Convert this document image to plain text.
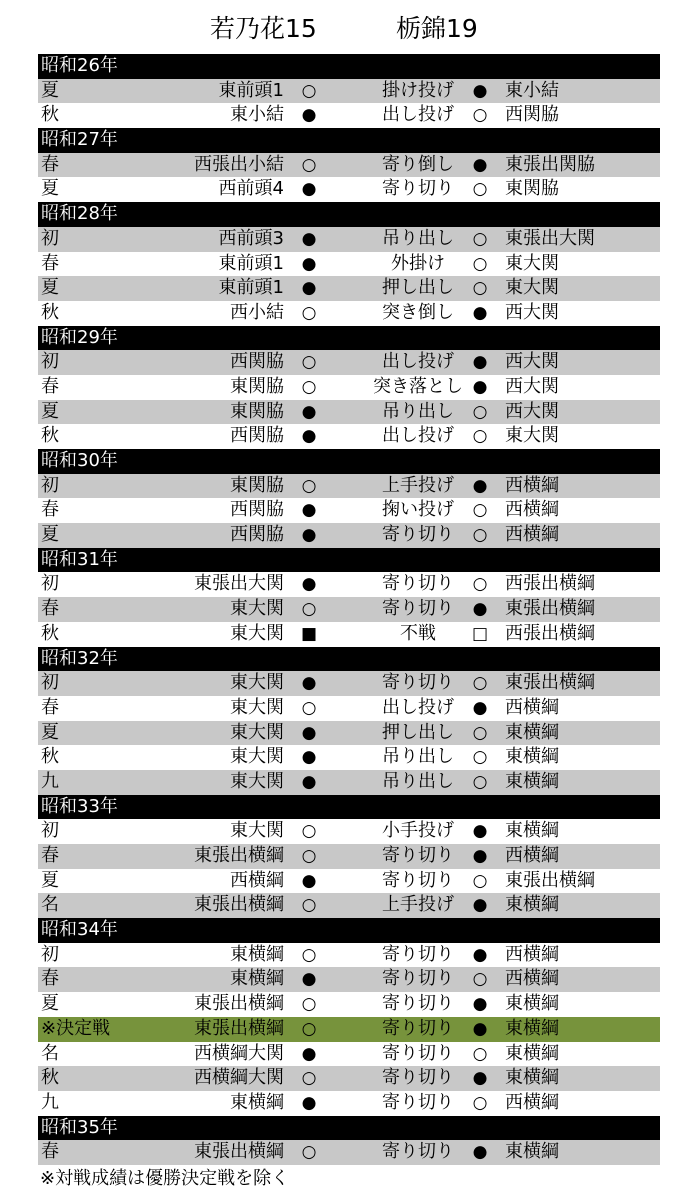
若乃花15	栃錦19
昭和26年
夏	東前頭1 ○	掛け投げ	● 東小結
秋	東小結 ●	出し投げ	○ 西関脇
昭和27年
春	西張出小結 ○	寄り倒し	● 東張出関脇
夏	西前頭4 ●	寄り切り	○ 東関脇
昭和28年
初	西前頭3 ●	吊り出し	○ 東張出大関
春	東前頭1 ●	外掛け	○ 東大関
夏	東前頭1 ●	押し出し	○ 東大関
秋	西小結 ○	突き倒し	● 西大関
昭和29年
初	西関脇 ○	出し投げ	● 西大関
春	東関脇 ○	突き落とし ● 西大関
夏	東関脇 ●	吊り出し	○ 西大関
秋	西関脇 ●	出し投げ	○ 東大関
昭和30年
初	東関脇 ○	上手投げ	● 西横綱
春	西関脇 ●	掬い投げ	○ 西横綱
夏	西関脇 ●	寄り切り	○ 西横綱
昭和31年
初	東張出大関 ●	寄り切り	○ 西張出横綱
春	東大関 ○	寄り切り	● 東張出横綱
秋	東大関 ■	不戦	□ 西張出横綱
昭和32年
初	東大関 ●	寄り切り	○ 東張出横綱
春	東大関 ○	出し投げ	● 西横綱
夏	東大関 ●	押し出し	○ 東横綱
秋	東大関 ●	吊り出し	○ 東横綱
九	東大関 ●	吊り出し	○ 東横綱
昭和33年
初	東大関 ○	小手投げ	● 東横綱
春	東張出横綱 ○	寄り切り	● 西横綱
夏	西横綱 ●	寄り切り	○ 東張出横綱
名	東張出横綱 ○	上手投げ	● 東横綱
昭和34年
初	東横綱 ○	寄り切り	● 西横綱
春	東横綱 ●	寄り切り	○ 西横綱
夏	東張出横綱 ○	寄り切り	● 東横綱
※決定戦	東張出横綱 ○	寄り切り	● 東横綱
名	西横綱大関 ●	寄り切り	○ 東横綱
秋	西横綱大関 ○	寄り切り	● 東横綱
九	東横綱 ●	寄り切り	○ 西横綱
昭和35年
春	東張出横綱 ○	寄り切り	● 東横綱
※対戦成績は優勝決定戦を除く
